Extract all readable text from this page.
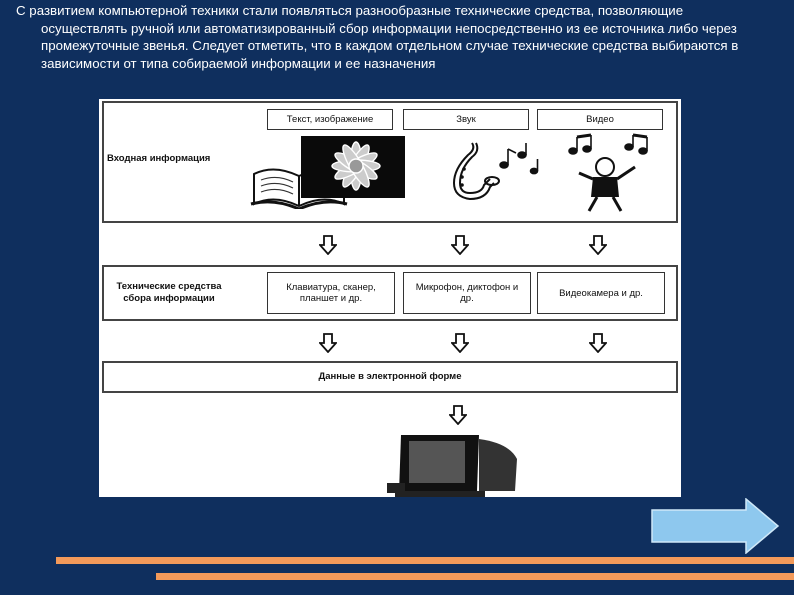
С развитием компьютерной техники стали появляться разнообразные технические средства, позволяющие
осуществлять ручной или автоматизированный сбор информации непосредственно из ее источника либо через промежуточные звенья. Следует отметить, что в каждом отдельном случае технические средства выбираются в зависимости от типа собираемой информации и ее назначения
Входная информация
Текст, изображение	Звук	Видео
Технические средства сбора информации
Клавиатура, сканер, планшет и др.
Микрофон, диктофон и др.	Видеокамера и др.
Данные в электронной форме
